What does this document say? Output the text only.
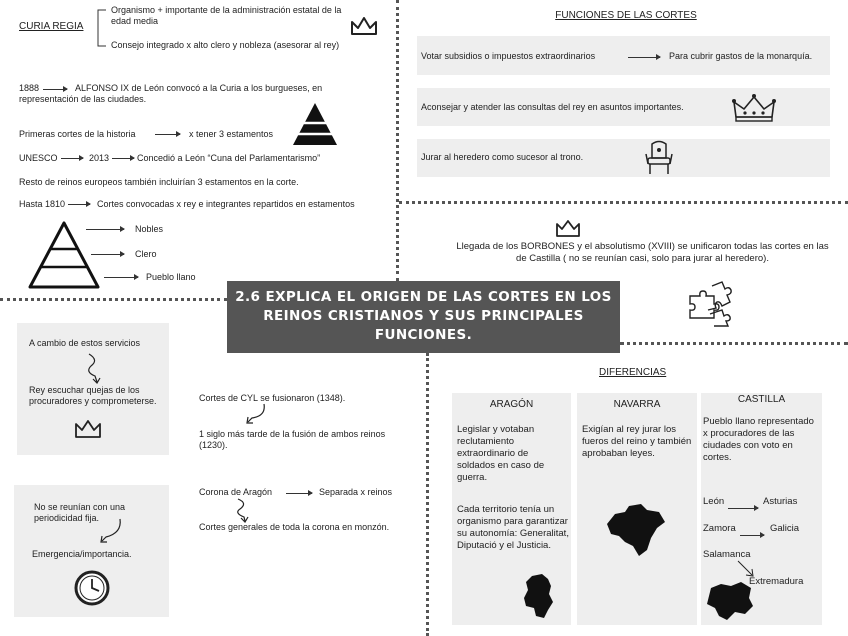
CURIA REGIA
Organismo + importante de la administración estatal de la edad media
Consejo integrado x alto clero y nobleza (asesorar al rey)
1888	ALFONSO IX de León convocó a la Curia a los burgueses, en representación de las ciudades.
Primeras cortes de la historia	x tener 3 estamentos
UNESCO	2013	Concedió a León “Cuna del Parlamentarismo”
Resto de reinos europeos también incluirían 3 estamentos en la corte.
Hasta 1810	Cortes convocadas x rey e integrantes repartidos en estamentos
Nobles
Clero
Pueblo llano
FUNCIONES DE LAS CORTES
Votar subsidios o impuestos extraordinarios	Para cubrir gastos de la monarquía.
Aconsejar y atender las consultas del rey en asuntos importantes.
Jurar al heredero como sucesor al trono.
Llegada de los BORBONES y el absolutismo (XVIII) se unificaron todas las cortes en las de Castilla ( no se reunían casi, solo para jurar al heredero).
2.6 EXPLICA EL ORIGEN DE LAS CORTES EN LOS REINOS CRISTIANOS Y SUS PRINCIPALES FUNCIONES.
A cambio de estos servicios
Rey escuchar quejas de los procuradores y comprometerse.
No se reunían con una periodicidad fija.
Emergencia/importancia.
Cortes de CYL se fusionaron (1348).
1 siglo más tarde de la fusión de ambos reinos (1230).
Corona de Aragón	Separada x reinos
Cortes generales de toda la corona en monzón.
DIFERENCIAS
ARAGÓN
Legislar y votaban reclutamiento extraordinario de soldados en caso de guerra.
Cada territorio tenía un organismo para garantizar su autonomía: Generalitat, Diputació y el Justicia.
NAVARRA
Exigían al rey jurar los fueros del reino y también aprobaban leyes.
CASTILLA
Pueblo llano representado x procuradores de las ciudades con voto en cortes.
León	Asturias
Zamora	Galicia
Salamanca
Extremadura
